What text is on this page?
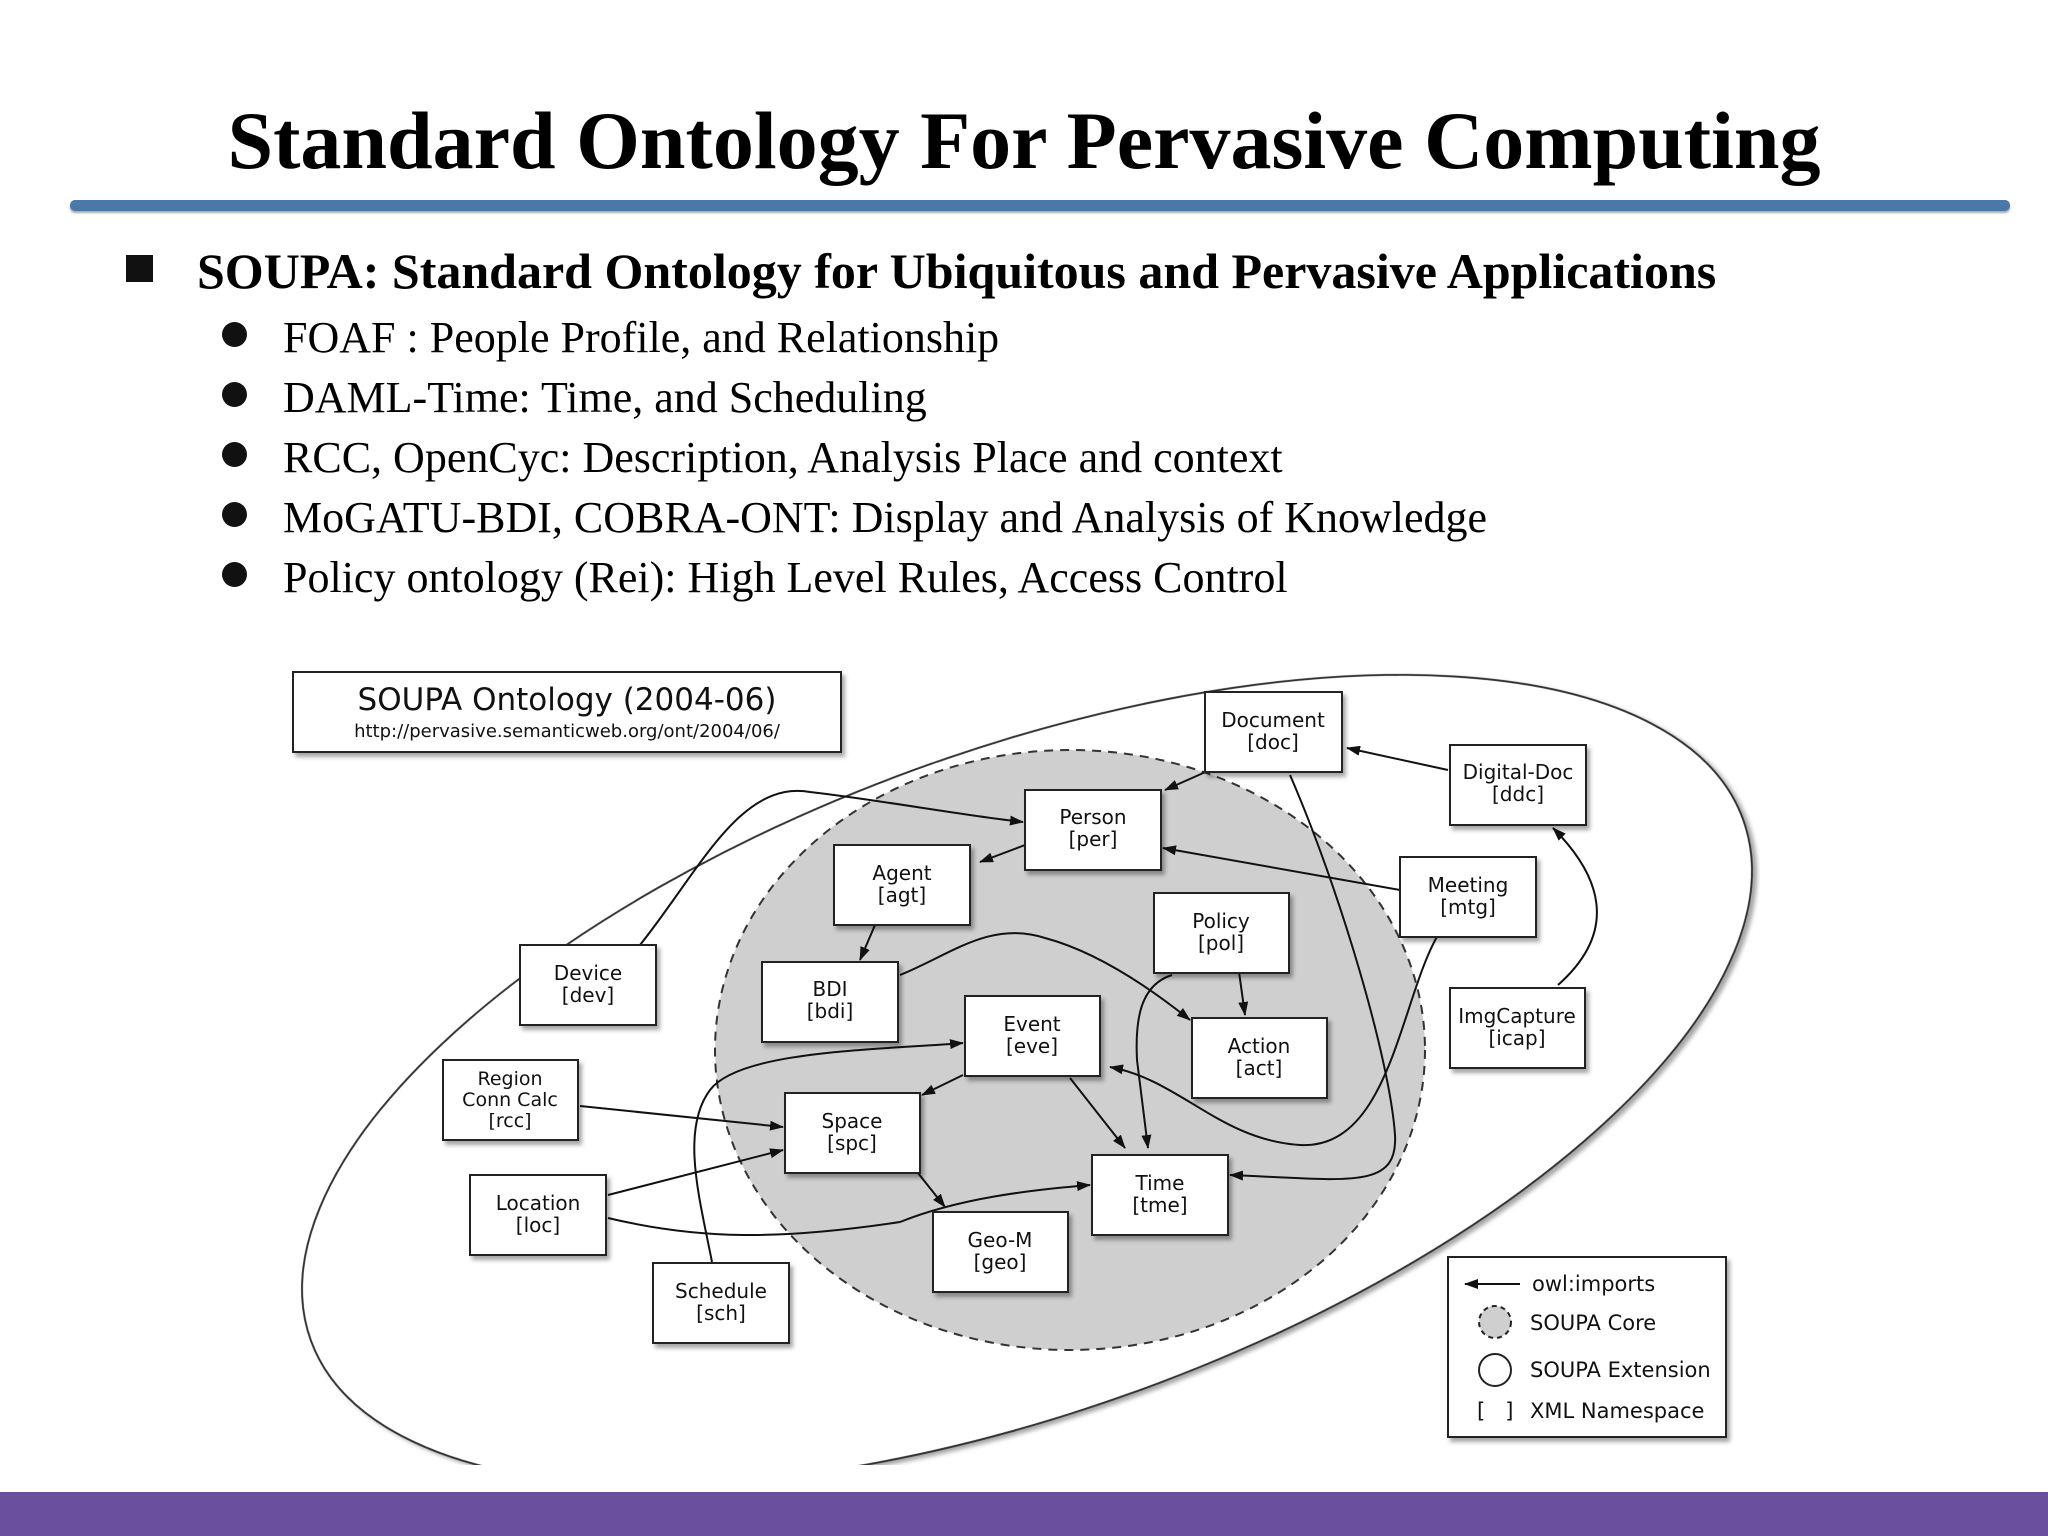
Standard Ontology For Pervasive Computing
SOUPA: Standard Ontology for Ubiquitous and Pervasive Applications
FOAF : People Profile, and Relationship
DAML-Time: Time, and Scheduling
RCC, OpenCyc: Description, Analysis Place and context
MoGATU-BDI, COBRA-ONT: Display and Analysis of Knowledge
Policy ontology (Rei): High Level Rules, Access Control
SOUPA Ontology (2004-06)
http://pervasive.semanticweb.org/ont/2004/06/	Document
[doc]
Digital-Doc
[ddc]
Person
[per]
Agent
[agt]	Meeting
[mtg]
Policy
[pol]
Device
[dev]	BDI
[bdi]	ImgCapture
[icap]
Event
[eve]	Action
[act]
Region
Conn Calc
[rcc]	Space
[spc]
Location
[loc]
Time
[tme]
Geo-M
[geo]
Schedule
[sch]
owl:imports
SOUPA Core
SOUPA Extension
[   ] XML Namespace
